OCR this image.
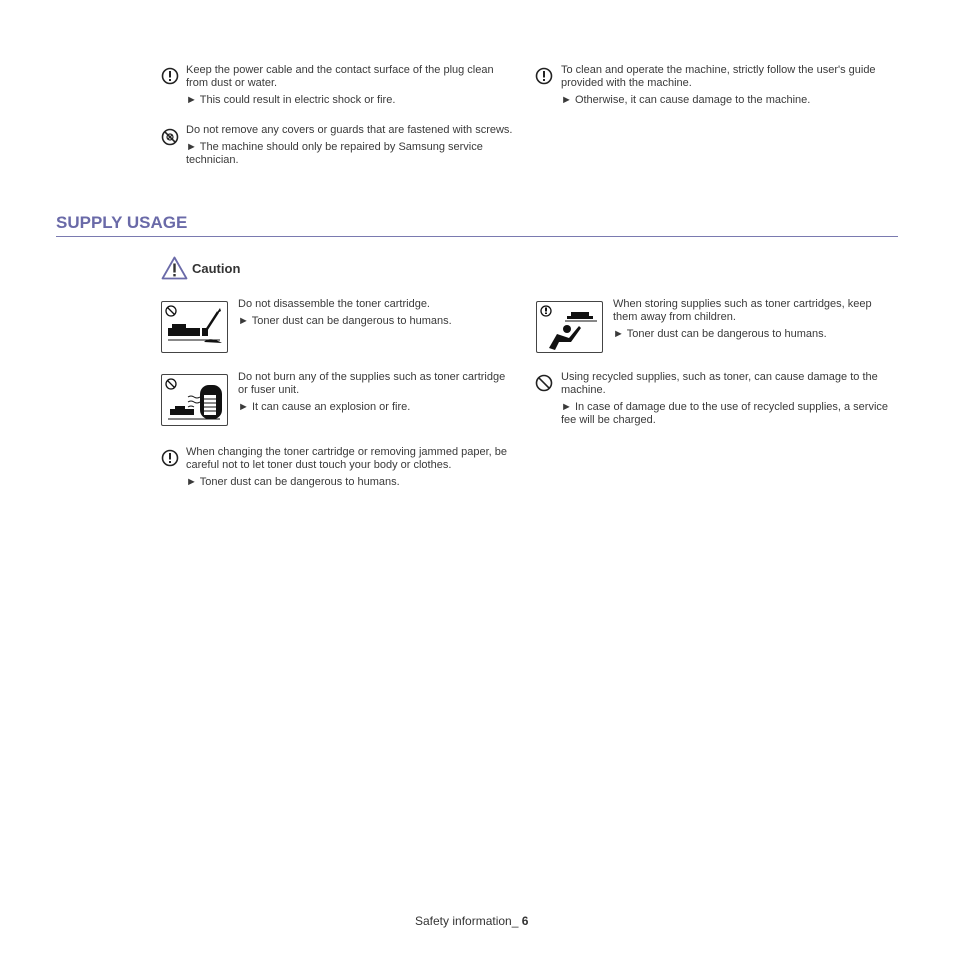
Keep the power cable and the contact surface of the plug clean from dust or water.

► This could result in electric shock or fire.

Do not remove any covers or guards that are fastened with screws.

► The machine should only be repaired by Samsung service technician.

To clean and operate the machine, strictly follow the user's guide provided with the machine.

► Otherwise, it can cause damage to the machine.

SUPPLY USAGE
Caution

Do not disassemble the toner cartridge.

► Toner dust can be dangerous to humans.

Do not burn any of the supplies such as toner cartridge or fuser unit.

► It can cause an explosion or fire.

When changing the toner cartridge or removing jammed paper, be careful not to let toner dust touch your body or clothes.

► Toner dust can be dangerous to humans.

When storing supplies such as toner cartridges, keep them away from children.

► Toner dust can be dangerous to humans.

Using recycled supplies, such as toner, can cause damage to the machine.

► In case of damage due to the use of recycled supplies, a service fee will be charged.

Safety information_ 6
